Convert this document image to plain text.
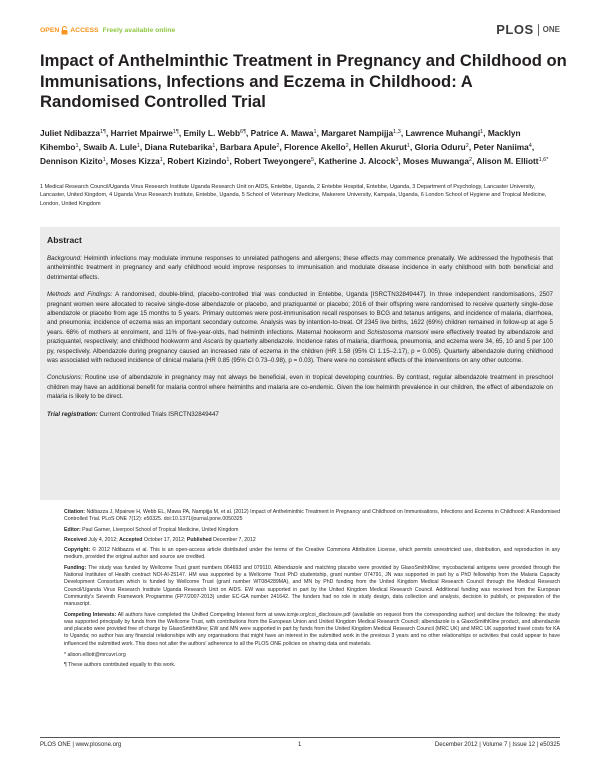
OPEN ACCESS Freely available online	PLOS ONE
Impact of Anthelminthic Treatment in Pregnancy and Childhood on Immunisations, Infections and Eczema in Childhood: A Randomised Controlled Trial
Juliet Ndibazza$^{1\P}$, Harriet Mpairwe$^{1\P}$, Emily L. Webb$^{6\P}$, Patrice A. Mawa$^1$, Margaret Nampijja$^{1,3}$, Lawrence Muhangi$^1$, Macklyn Kihembo$^1$, Swaib A. Lule$^1$, Diana Rutebarika$^1$, Barbara Apule$^2$, Florence Akello$^2$, Hellen Akurut$^1$, Gloria Oduru$^2$, Peter Naniima$^4$, Dennison Kizito$^1$, Moses Kizza$^1$, Robert Kizindo$^1$, Robert Tweyongere$^5$, Katherine J. Alcock$^3$, Moses Muwanga$^2$, Alison M. Elliott$^{1,6*}$
1 Medical Research Council/Uganda Virus Research Institute Uganda Research Unit on AIDS, Entebbe, Uganda, 2 Entebbe Hospital, Entebbe, Uganda, 3 Department of Psychology, Lancaster University, Lancaster, United Kingdom, 4 Uganda Virus Research Institute, Entebbe, Uganda, 5 School of Veterinary Medicine, Makerere University, Kampala, Uganda, 6 London School of Hygiene and Tropical Medicine, London, United Kingdom
Abstract

Background: Helminth infections may modulate immune responses to unrelated pathogens and allergens; these effects may commence prenatally. We addressed the hypothesis that anthelminthic treatment in pregnancy and early childhood would improve responses to immunisation and modulate disease incidence in early childhood with both beneficial and detrimental effects.

Methods and Findings: A randomised, double-blind, placebo-controlled trial was conducted in Entebbe, Uganda [ISRCTN32849447]. In three independent randomisations, 2507 pregnant women were allocated to receive single-dose albendazole or placebo, and praziquantel or placebo; 2016 of their offspring were randomised to receive quarterly single-dose albendazole or placebo from age 15 months to 5 years. Primary outcomes were post-immunisation recall responses to BCG and tetanus antigens, and incidence of malaria, diarrhoea, and pneumonia; incidence of eczema was an important secondary outcome. Analysis was by intention-to-treat. Of 2345 live births, 1622 (69%) children remained in follow-up at age 5 years. 68% of mothers at enrolment, and 11% of five-year-olds, had helminth infections. Maternal hookworm and Schistosoma mansoni were effectively treated by albendazole and praziquantel, respectively; and childhood hookworm and Ascaris by quarterly albendazole. Incidence rates of malaria, diarrhoea, pneumonia, and eczema were 34, 65, 10 and 5 per 100 py, respectively. Albendazole during pregnancy caused an increased rate of eczema in the children (HR 1.58 (95% CI 1.15–2.17), p = 0.005). Quarterly albendazole during childhood was associated with reduced incidence of clinical malaria (HR 0.85 (95% CI 0.73–0.98), p = 0.03). There were no consistent effects of the interventions on any other outcome.

Conclusions: Routine use of albendazole in pregnancy may not always be beneficial, even in tropical developing countries. By contrast, regular albendazole treatment in preschool children may have an additional benefit for malaria control where helminths and malaria are co-endemic. Given the low helminth prevalence in our children, the effect of albendazole on malaria is likely to be direct.

Trial registration: Current Controlled Trials ISRCTN32849447

Citation: Ndibazza J, Mpairwe H, Webb EL, Mawa PA, Nampijja M, et al. (2012) Impact of Anthelminthic Treatment in Pregnancy and Childhood on Immunisations, Infections and Eczema in Childhood: A Randomised Controlled Trial. PLoS ONE 7(12): e50325. doi:10.1371/journal.pone.0050325
Editor: Paul Garner, Liverpool School of Tropical Medicine, United Kingdom
Received July 4, 2012; Accepted October 17, 2012; Published December 7, 2012
Copyright: © 2012 Ndibazza et al. This is an open-access article distributed under the terms of the Creative Commons Attribution License, which permits unrestricted use, distribution, and reproduction in any medium, provided the original author and source are credited.
Funding: The study was funded by Wellcome Trust grant numbers 064693 and 079110. Albendazole and matching placebo were provided by GlaxoSmithKline; mycobacterial antigens were provided through the National Institutes of Health contract NOI-AI-25147. HM was supported by a Wellcome Trust PhD studentship, grant number 074791, JN was supported in part by a PhD fellowship from the Malaria Capacity Development Consortium which is funded by Wellcome Trust (grant number WT084289MA), and MN by PhD funding from the United Kingdom Medical Research Council through the Medical Research Council/Uganda Virus Research Institute Uganda Research Unit on AIDS. EW was supported in part by the United Kingdom Medical Research Council. Additional funding was received from the European Community's Seventh Framework Programme (FP7/2007-2013) under EC-GA number 241642. The funders had no role in study design, data collection and analysis, decision to publish, or preparation of the manuscript.
Competing Interests: All authors have completed the Unified Competing Interest form at www.icmje.org/coi_disclosure.pdf (available on request from the corresponding author) and declare the following: the study was supported principally by funds from the Wellcome Trust, with contributions from the European Union and United Kingdom Medical Research Council; albendazole is a GlaxoSmithKline product, and albendazole and placebo were provided free of charge by GlaxoSmithKline; EW and MN were supported in part by funds from the United Kingdom Medical Research Council (MRC UK) and MRC UK supported travel costs for KA to Uganda; no author has any financial relationships with any organisations that might have an interest in the submitted work in the previous 3 years and no other relationships or activities that could appear to have influenced the submitted work. This does not alter the authors' adherence to all the PLOS ONE policies on sharing data and materials.
* alison.elliott@mrcuvri.org
¶ These authors contributed equally to this work.
PLOS ONE | www.plosone.org	1	December 2012 | Volume 7 | Issue 12 | e50325
